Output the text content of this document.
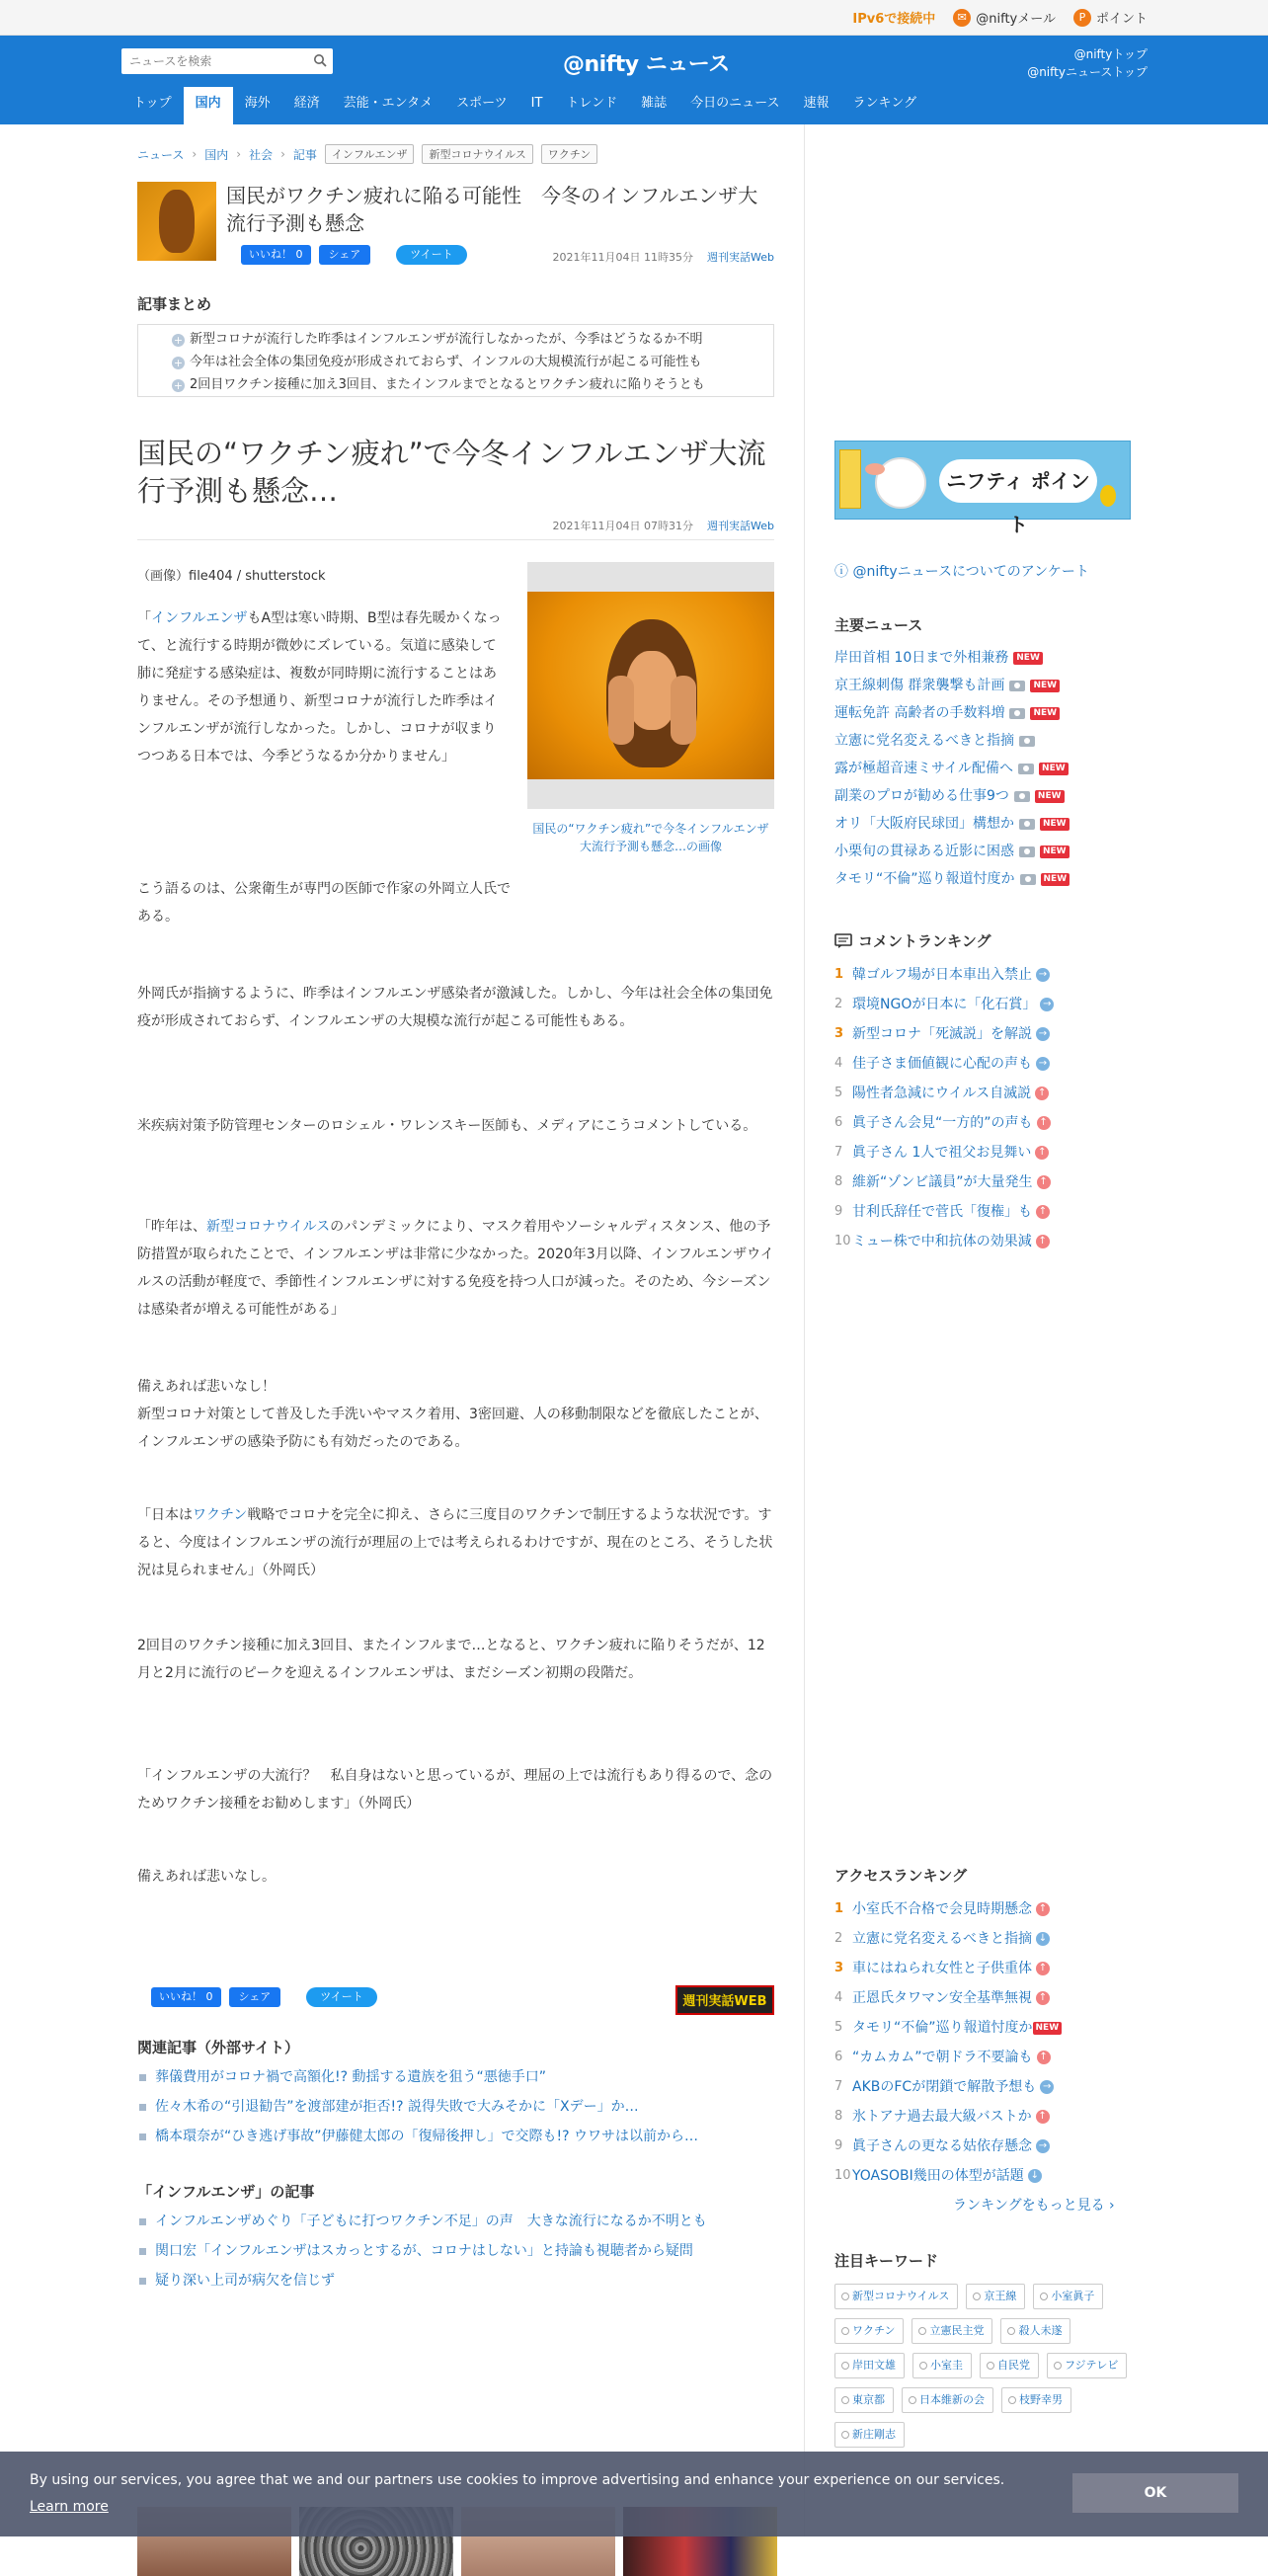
IPv6で接続中	✉ @niftyメール	P ポイント
ニュースを検索
@nifty ニュース	@niftyトップ
@niftyニューストップ
トップ	国内	海外	経済	芸能・エンタメ	スポーツ	IT	トレンド	雑誌	今日のニュース	速報	ランキング
ニュース › 国内 › 社会 › 記事	インフルエンザ	新型コロナウイルス	ワクチン
国民がワクチン疲れに陥る可能性　今冬のインフルエンザ大流行予測も懸念
いいね！ 0	シェア	ツイート	2021年11月04日 11時35分 週刊実話Web
記事まとめ
+ 新型コロナが流行した昨季はインフルエンザが流行しなかったが、今季はどうなるか不明
+ 今年は社会全体の集団免疫が形成されておらず、インフルの大規模流行が起こる可能性も
+ 2回目ワクチン接種に加え3回目、またインフルまでとなるとワクチン疲れに陥りそうとも
国民の“ワクチン疲れ”で今冬インフルエンザ大流行予測も懸念…
2021年11月04日 07時31分 週刊実話Web
国民の“ワクチン疲れ”で今冬インフルエンザ大流行予測も懸念…の画像
（画像）file404 / shutterstock
「インフルエンザもA型は寒い時期、B型は春先暖かくなって、と流行する時期が微妙にズレている。気道に感染して肺に発症する感染症は、複数が同時期に流行することはありません。その予想通り、新型コロナが流行した昨季はインフルエンザが流行しなかった。しかし、コロナが収まりつつある日本では、今季どうなるか分かりません」
こう語るのは、公衆衛生が専門の医師で作家の外岡立人氏である。
外岡氏が指摘するように、昨季はインフルエンザ感染者が激減した。しかし、今年は社会全体の集団免疫が形成されておらず、インフルエンザの大規模な流行が起こる可能性もある。
米疾病対策予防管理センターのロシェル・ワレンスキー医師も、メディアにこうコメントしている。
「昨年は、新型コロナウイルスのパンデミックにより、マスク着用やソーシャルディスタンス、他の予防措置が取られたことで、インフルエンザは非常に少なかった。2020年3月以降、インフルエンザウイルスの活動が軽度で、季節性インフルエンザに対する免疫を持つ人口が減った。そのため、今シーズンは感染者が増える可能性がある」
備えあれば悲いなし！
新型コロナ対策として普及した手洗いやマスク着用、3密回避、人の移動制限などを徹底したことが、インフルエンザの感染予防にも有効だったのである。
「日本はワクチン戦略でコロナを完全に抑え、さらに三度目のワクチンで制圧するような状況です。すると、今度はインフルエンザの流行が理屈の上では考えられるわけですが、現在のところ、そうした状況は見られません」（外岡氏）
2回目のワクチン接種に加え3回目、またインフルまで…となると、ワクチン疲れに陥りそうだが、12月と2月に流行のピークを迎えるインフルエンザは、まだシーズン初期の段階だ。
「インフルエンザの大流行？　私自身はないと思っているが、理屈の上では流行もあり得るので、念のためワクチン接種をお勧めします」（外岡氏）
備えあれば悲いなし。
いいね！ 0	シェア	ツイート	週刊実話WEB
関連記事（外部サイト）
葬儀費用がコロナ禍で高額化!? 動揺する遺族を狙う“悪徳手口”
佐々木希の“引退勧告”を渡部建が拒否!? 説得失敗で大みそかに「Xデー」か…
橋本環奈が“ひき逃げ事故”伊藤健太郎の「復帰後押し」で交際も!? ウワサは以前から…
「インフルエンザ」の記事
インフルエンザめぐり「子どもに打つワクチン不足」の声　大きな流行になるか不明とも
関口宏「インフルエンザはスカっとするが、コロナはしない」と持論も視聴者から疑問
疑り深い上司が病欠を信じず
ニフティ ポイント
ⓘ @niftyニュースについてのアンケート
主要ニュース
岸田首相 10日まで外相兼務 NEW
京王線刺傷 群衆襲撃も計画	NEW
運転免許 高齢者の手数料増	NEW
立憲に党名変えるべきと指摘
露が極超音速ミサイル配備へ	NEW
副業のプロが勧める仕事9つ	NEW
オリ「大阪府民球団」構想か	NEW
小栗旬の貫禄ある近影に困惑	NEW
タモリ“不倫”巡り報道忖度か	NEW
コメントランキング
1 韓ゴルフ場が日本車出入禁止 →
2 環境NGOが日本に「化石賞」 →
3 新型コロナ「死滅説」を解説 →
4 佳子さま価値観に心配の声も →
5 陽性者急減にウイルス自滅説 ↑
6 眞子さん会見“一方的”の声も ↑
7 眞子さん 1人で祖父お見舞い ↑
8 維新“ゾンビ議員”が大量発生 ↑
9 甘利氏辞任で菅氏「復権」も ↑
10 ミュー株で中和抗体の効果減 ↑
アクセスランキング
1 小室氏不合格で会見時期懸念 ↑
2 立憲に党名変えるべきと指摘 ↓
3 車にはねられ女性と子供重体 ↑
4 正恩氏タワマン安全基準無視 ↑
5 タモリ“不倫”巡り報道忖度か NEW
6 “カムカム”で朝ドラ不要論も ↑
7 AKBのFCが閉鎖で解散予想も →
8 氷トアナ過去最大級バストか ↑
9 眞子さんの更なる姑依存懸念 →
10 YOASOBI幾田の体型が話題 ↓
ランキングをもっと見る ›
注目キーワード
新型コロナウイルス	京王線	小室眞子
ワクチン	立憲民主党	殺人未遂
岸田文雄	小室圭	自民党	フジテレビ
東京都	日本維新の会	枝野幸男
新庄剛志
By using our services, you agree that we and our partners use cookies to improve advertising and enhance your experience on our services.
Learn more
OK
